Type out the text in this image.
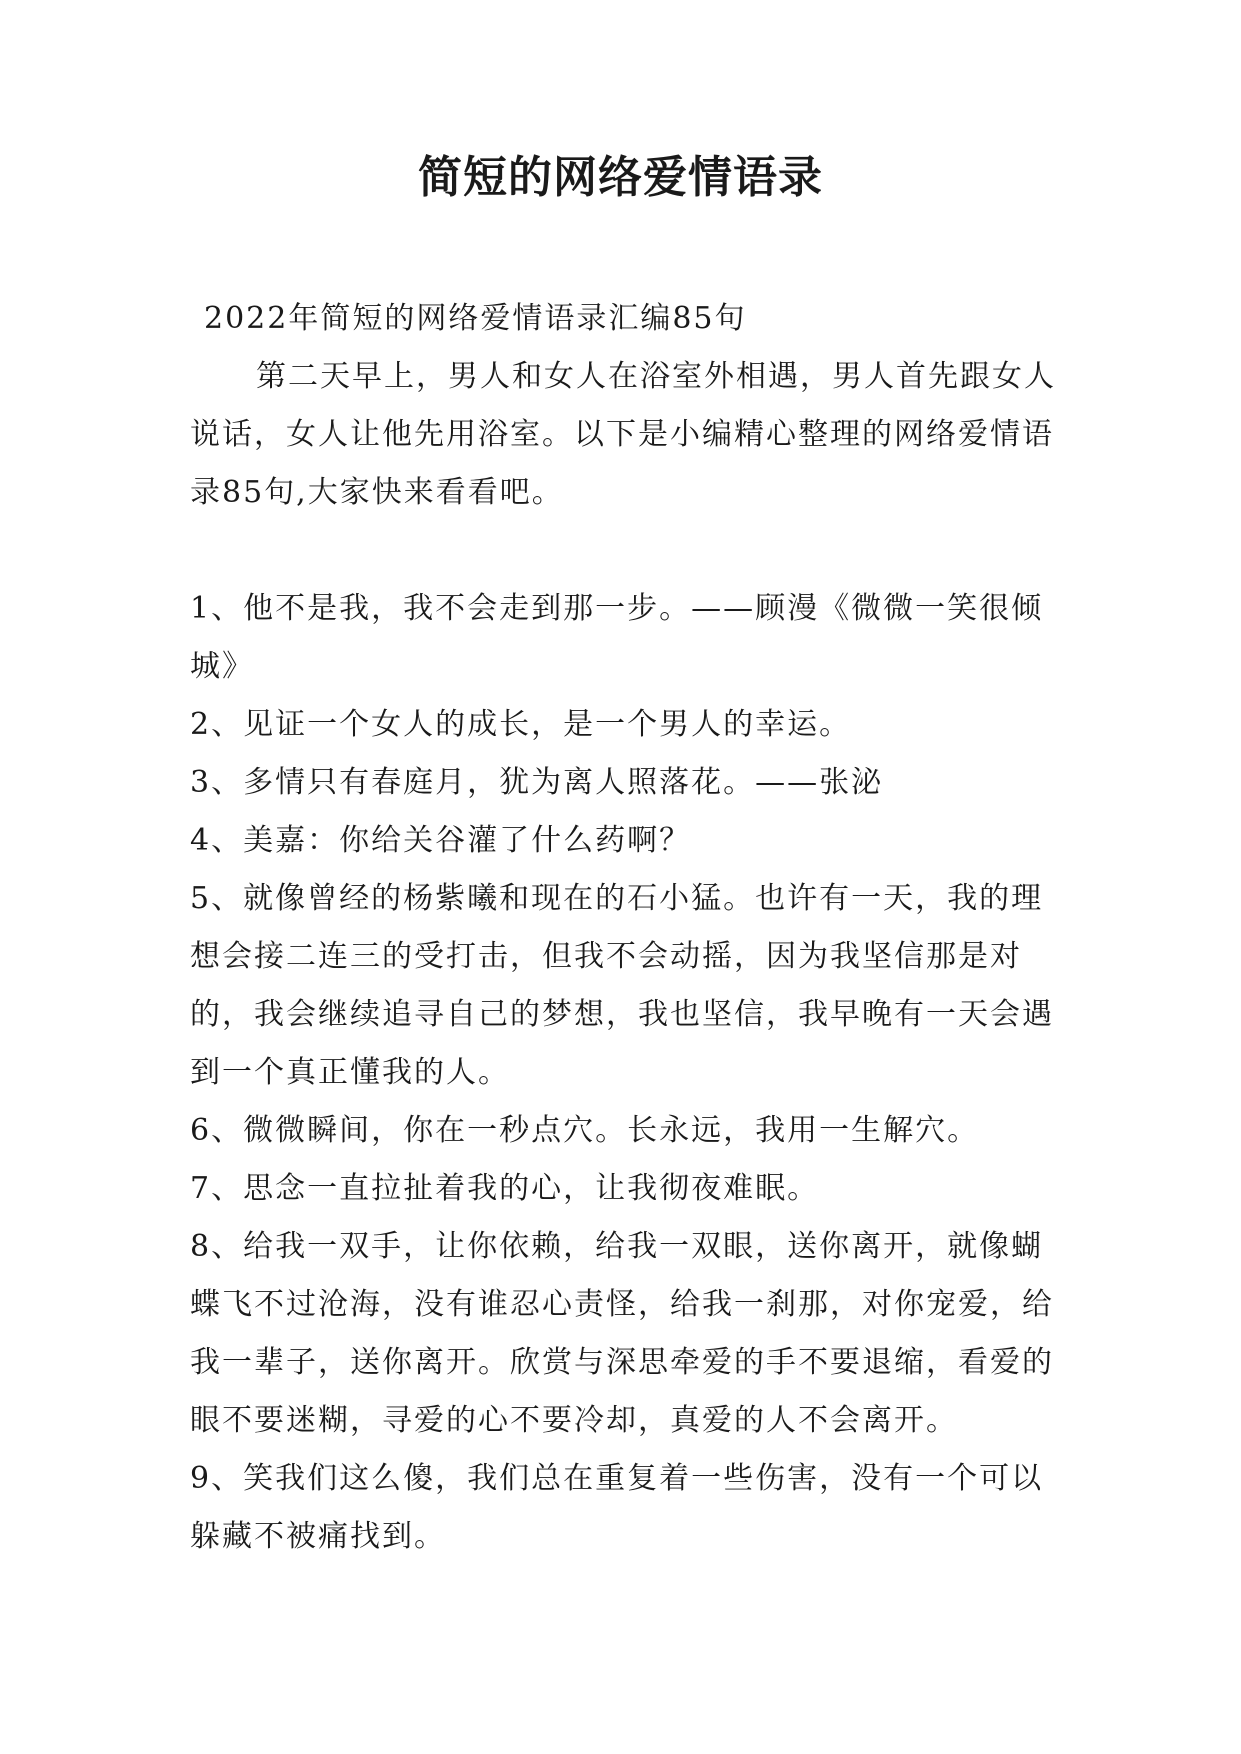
简短的网络爱情语录

2022年简短的网络爱情语录汇编85句

第二天早上，男人和女人在浴室外相遇，男人首先跟女人说话，女人让他先用浴室。以下是小编精心整理的网络爱情语录85句,大家快来看看吧。

1、他不是我，我不会走到那一步。——顾漫《微微一笑很倾城》

2、见证一个女人的成长，是一个男人的幸运。

3、多情只有春庭月，犹为离人照落花。——张泌

4、美嘉：你给关谷灌了什么药啊？

5、就像曾经的杨紫曦和现在的石小猛。也许有一天，我的理想会接二连三的受打击，但我不会动摇，因为我坚信那是对的，我会继续追寻自己的梦想，我也坚信，我早晚有一天会遇到一个真正懂我的人。

6、微微瞬间，你在一秒点穴。长永远，我用一生解穴。

7、思念一直拉扯着我的心，让我彻夜难眠。

8、给我一双手，让你依赖，给我一双眼，送你离开，就像蝴蝶飞不过沧海，没有谁忍心责怪，给我一刹那，对你宠爱，给我一辈子，送你离开。欣赏与深思牵爱的手不要退缩，看爱的眼不要迷糊，寻爱的心不要冷却，真爱的人不会离开。

9、笑我们这么傻，我们总在重复着一些伤害，没有一个可以躲藏不被痛找到。
